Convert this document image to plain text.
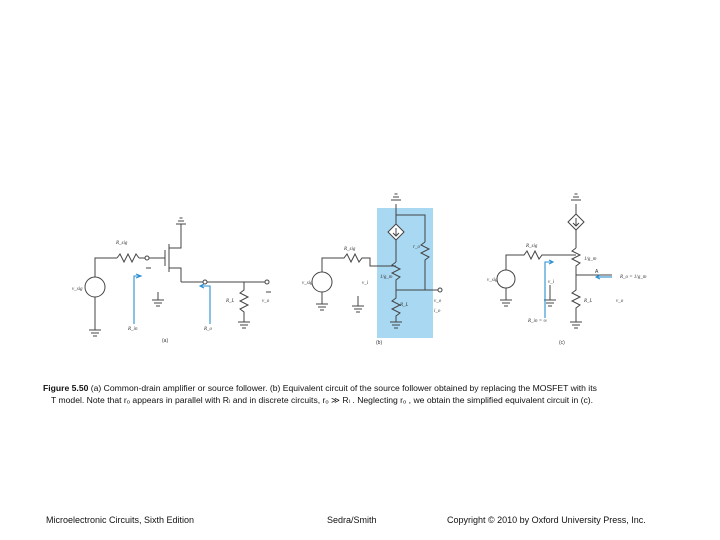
v_sig
R_sig
R_L	v_o
R_in	R_o
(a)
v_sig
R_sig	r_o
1/g_m
R_L
v_o
i_o
v_i
(b)
v_sig
R_sig
1/g_m
R_L	v_o
v_i
R_in = ∞
R_o = 1/g_m
A
(c)
Figure 5.50 (a) Common-drain amplifier or source follower. (b) Equivalent circuit of the source follower obtained by replacing the MOSFET with its
T model. Note that rₒ appears in parallel with Rₗ and in discrete circuits, rₒ ≫ Rₗ . Neglecting rₒ , we obtain the simplified equivalent circuit in (c).
Microelectronic Circuits, Sixth Edition	Sedra/Smith	Copyright © 2010 by Oxford University Press, Inc.
